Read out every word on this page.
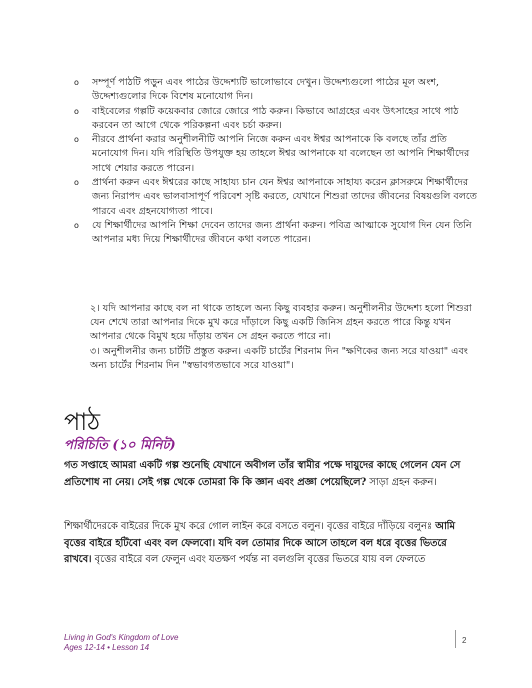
o সম্পূর্ণ পাঠটি পড়ুন এবং পাঠের উদ্দেশ্যটি ভালোভাবে দেখুন। উদ্দেশ্যগুলো পাঠের মূল অংশ, উদ্দেশ্যগুলোর দিকে বিশেষ মনোযোগ দিন।
o বাইবেলের গল্পটি কয়েকবার জোরে জোরে পাঠ করুন। কিভাবে আগ্রহের এবং উৎসাহের সাথে পাঠ করবেন তা আগে থেকে পরিকল্পনা এবং চর্চা করুন।
o নীরবে প্রার্থনা করার অনুশীলনীটি আপনি নিজে করুন এবং ঈশ্বর আপনাকে কি বলছে তাঁর প্রতি মনোযোগ দিন। যদি পরিস্থিতি উপযুক্ত হয় তাহলে ঈশ্বর আপনাকে যা বলেছেন তা আপনি শিক্ষার্থীদের সাথে শেয়ার করতে পারেন।
o প্রার্থনা করুন এবং ঈশ্বরের কাছে সাহায্য চান যেন ঈশ্বর আপনাকে সাহায্য করেন ক্লাসরুমে শিক্ষার্থীদের জন্য নিরাপদ এবং ভালবাসাপূর্ণ পরিবেশ সৃষ্টি করতে, যেখানে শিশুরা তাদের জীবনের বিষয়গুলি বলতে পারবে এবং গ্রহনযোগ্যতা পাবে।
o যে শিক্ষার্থীদের আপনি শিক্ষা দেবেন তাদের জন্য প্রার্থনা করুন। পবিত্র আত্মাকে সুযোগ দিন যেন তিনি আপনার মধ্য দিয়ে শিক্ষার্থীদের জীবনে কথা বলতে পারেন।

২। যদি আপনার কাছে বল না থাকে তাহলে অন্য কিছু ব্যবহার করুন। অনুশীলনীর উদ্দেশ্য হলো শিশুরা যেন শেখে তারা আপনার দিকে মুখ করে দাঁড়ালে কিছু একটি জিনিস গ্রহন করতে পারে কিন্তু যখন আপনার থেকে বিমুখ হয়ে দাঁড়ায় তখন সে গ্রহন করতে পারে না।

৩। অনুশীলনীর জন্য চার্টটি প্রস্তুত করুন। একটি চার্টের শিরনাম দিন "ক্ষণিকের জন্য সরে যাওয়া" এবং অন্য চার্টের শিরনাম দিন "স্বভাবগতভাবে সরে যাওয়া"।

পাঠ
পরিচিতি (১০ মিনিট)

গত সপ্তাহে আমরা একটি গল্প শুনেছি যেখানে অবীগল তাঁর স্বামীর পক্ষে দায়ুদের কাছে গেলেন যেন সে প্রতিশোধ না নেয়। সেই গল্প থেকে তোমরা কি কি জ্ঞান এবং প্রজ্ঞা পেয়েছিলে? সাড়া গ্রহন করুন।

শিক্ষার্থীদেরকে বাইরের দিকে মুখ করে গোল লাইন করে বসতে বলুন। বৃত্তের বাইরে দাঁড়িয়ে বলুনঃ আমি বৃত্তের বাইরে হটিবো এবং বল ফেলবো। যদি বল তোমার দিকে আসে তাহলে বল ধরে বৃত্তের ভিতরে রাখবে। বৃত্তের বাইরে বল ফেলুন এবং যতক্ষণ পর্যন্ত না বলগুলি বৃত্তের ভিতরে যায় বল ফেলতে

Living in God's Kingdom of Love
Ages 12-14 • Lesson 14
2
